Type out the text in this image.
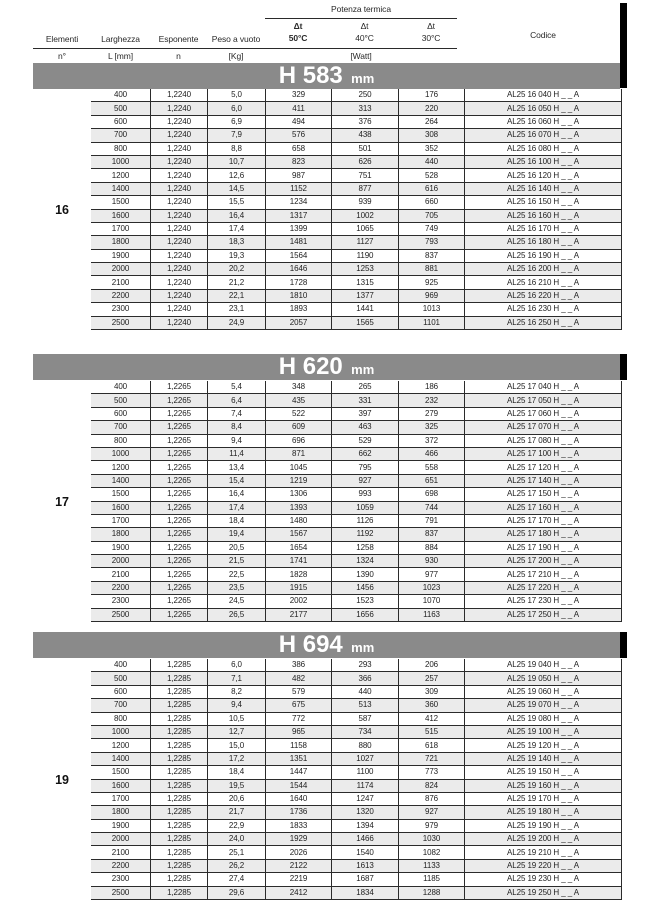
Potenza termica
Elementi
n°
Larghezza
L [mm]
Esponente
n
Peso a vuoto
[Kg]
Δt
50°C
Δt
40°C
Δt
30°C
[Watt]
Codice
H 583 mm
16
400	1,2240	5,0	329	250	176	AL25 16 040 H _ _ A
500	1,2240	6,0	411	313	220	AL25 16 050 H _ _ A
600	1,2240	6,9	494	376	264	AL25 16 060 H _ _ A
700	1,2240	7,9	576	438	308	AL25 16 070 H _ _ A
800	1,2240	8,8	658	501	352	AL25 16 080 H _ _ A
1000	1,2240	10,7	823	626	440	AL25 16 100 H _ _ A
1200	1,2240	12,6	987	751	528	AL25 16 120 H _ _ A
1400	1,2240	14,5	1152	877	616	AL25 16 140 H _ _ A
1500	1,2240	15,5	1234	939	660	AL25 16 150 H _ _ A
1600	1,2240	16,4	1317	1002	705	AL25 16 160 H _ _ A
1700	1,2240	17,4	1399	1065	749	AL25 16 170 H _ _ A
1800	1,2240	18,3	1481	1127	793	AL25 16 180 H _ _ A
1900	1,2240	19,3	1564	1190	837	AL25 16 190 H _ _ A
2000	1,2240	20,2	1646	1253	881	AL25 16 200 H _ _ A
2100	1,2240	21,2	1728	1315	925	AL25 16 210 H _ _ A
2200	1,2240	22,1	1810	1377	969	AL25 16 220 H _ _ A
2300	1,2240	23,1	1893	1441	1013	AL25 16 230 H _ _ A
2500	1,2240	24,9	2057	1565	1101	AL25 16 250 H _ _ A
H 620 mm
17
400	1,2265	5,4	348	265	186	AL25 17 040 H _ _ A
500	1,2265	6,4	435	331	232	AL25 17 050 H _ _ A
600	1,2265	7,4	522	397	279	AL25 17 060 H _ _ A
700	1,2265	8,4	609	463	325	AL25 17 070 H _ _ A
800	1,2265	9,4	696	529	372	AL25 17 080 H _ _ A
1000	1,2265	11,4	871	662	466	AL25 17 100 H _ _ A
1200	1,2265	13,4	1045	795	558	AL25 17 120 H _ _ A
1400	1,2265	15,4	1219	927	651	AL25 17 140 H _ _ A
1500	1,2265	16,4	1306	993	698	AL25 17 150 H _ _ A
1600	1,2265	17,4	1393	1059	744	AL25 17 160 H _ _ A
1700	1,2265	18,4	1480	1126	791	AL25 17 170 H _ _ A
1800	1,2265	19,4	1567	1192	837	AL25 17 180 H _ _ A
1900	1,2265	20,5	1654	1258	884	AL25 17 190 H _ _ A
2000	1,2265	21,5	1741	1324	930	AL25 17 200 H _ _ A
2100	1,2265	22,5	1828	1390	977	AL25 17 210 H _ _ A
2200	1,2265	23,5	1915	1456	1023	AL25 17 220 H _ _ A
2300	1,2265	24,5	2002	1523	1070	AL25 17 230 H _ _ A
2500	1,2265	26,5	2177	1656	1163	AL25 17 250 H _ _ A
H 694 mm
19
400	1,2285	6,0	386	293	206	AL25 19 040 H _ _ A
500	1,2285	7,1	482	366	257	AL25 19 050 H _ _ A
600	1,2285	8,2	579	440	309	AL25 19 060 H _ _ A
700	1,2285	9,4	675	513	360	AL25 19 070 H _ _ A
800	1,2285	10,5	772	587	412	AL25 19 080 H _ _ A
1000	1,2285	12,7	965	734	515	AL25 19 100 H _ _ A
1200	1,2285	15,0	1158	880	618	AL25 19 120 H _ _ A
1400	1,2285	17,2	1351	1027	721	AL25 19 140 H _ _ A
1500	1,2285	18,4	1447	1100	773	AL25 19 150 H _ _ A
1600	1,2285	19,5	1544	1174	824	AL25 19 160 H _ _ A
1700	1,2285	20,6	1640	1247	876	AL25 19 170 H _ _ A
1800	1,2285	21,7	1736	1320	927	AL25 19 180 H _ _ A
1900	1,2285	22,9	1833	1394	979	AL25 19 190 H _ _ A
2000	1,2285	24,0	1929	1466	1030	AL25 19 200 H _ _ A
2100	1,2285	25,1	2026	1540	1082	AL25 19 210 H _ _ A
2200	1,2285	26,2	2122	1613	1133	AL25 19 220 H _ _ A
2300	1,2285	27,4	2219	1687	1185	AL25 19 230 H _ _ A
2500	1,2285	29,6	2412	1834	1288	AL25 19 250 H _ _ A
